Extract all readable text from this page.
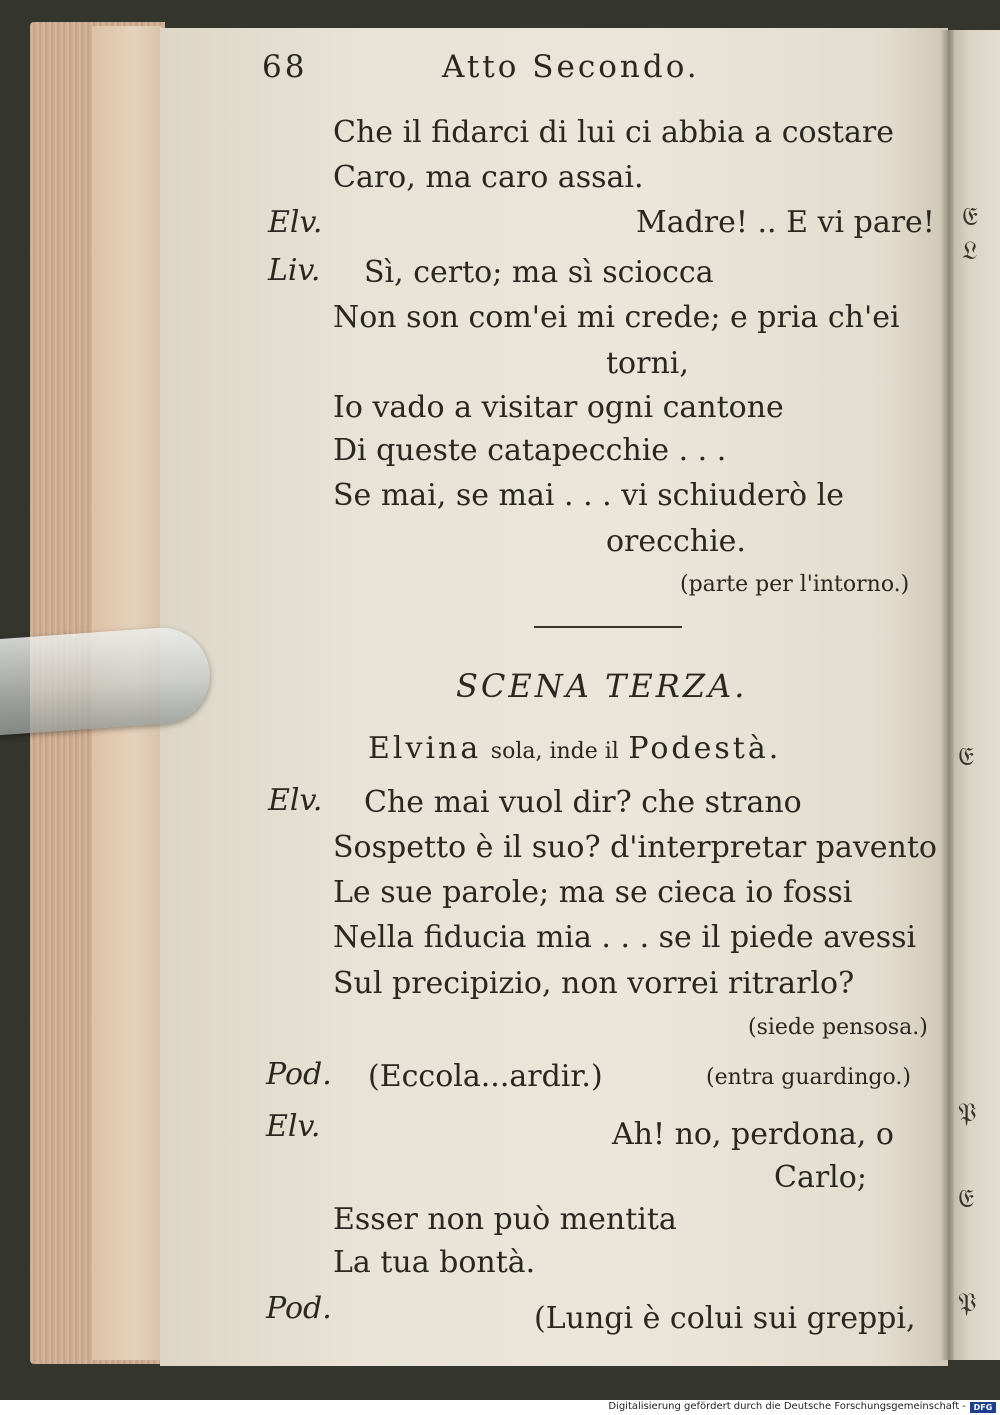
68	Atto Secondo.
Che il fidarci di lui ci abbia a costare
Caro, ma caro assai.
Elv.	Madre! .. E vi pare!
Liv. Sì, certo; ma sì sciocca
Non son com'ei mi crede; e pria ch'ei
torni,
Io vado a visitar ogni cantone
Di queste catapecchie . . .
Se mai, se mai . . . vi schiuderò le
orecchie.
(parte per l'intorno.)
SCENA TERZA.
Elvina sola, inde il Podestà.
Elv. Che mai vuol dir? che strano
Sospetto è il suo? d'interpretar pavento
Le sue parole; ma se cieca io fossi
Nella fiducia mia . . . se il piede avessi
Sul precipizio, non vorrei ritrarlo?
(siede pensosa.)
Pod. (Eccola...ardir.)	(entra guardingo.)
Elv.	Ah! no, perdona, o
Carlo;
Esser non può mentita
La tua bontà.
Pod.	(Lungi è colui sui greppi,
𝔈
𝔏
𝔈
𝔓
𝔈
𝔓
Digitalisierung gefördert durch die Deutsche Forschungsgemeinschaft - DFG
